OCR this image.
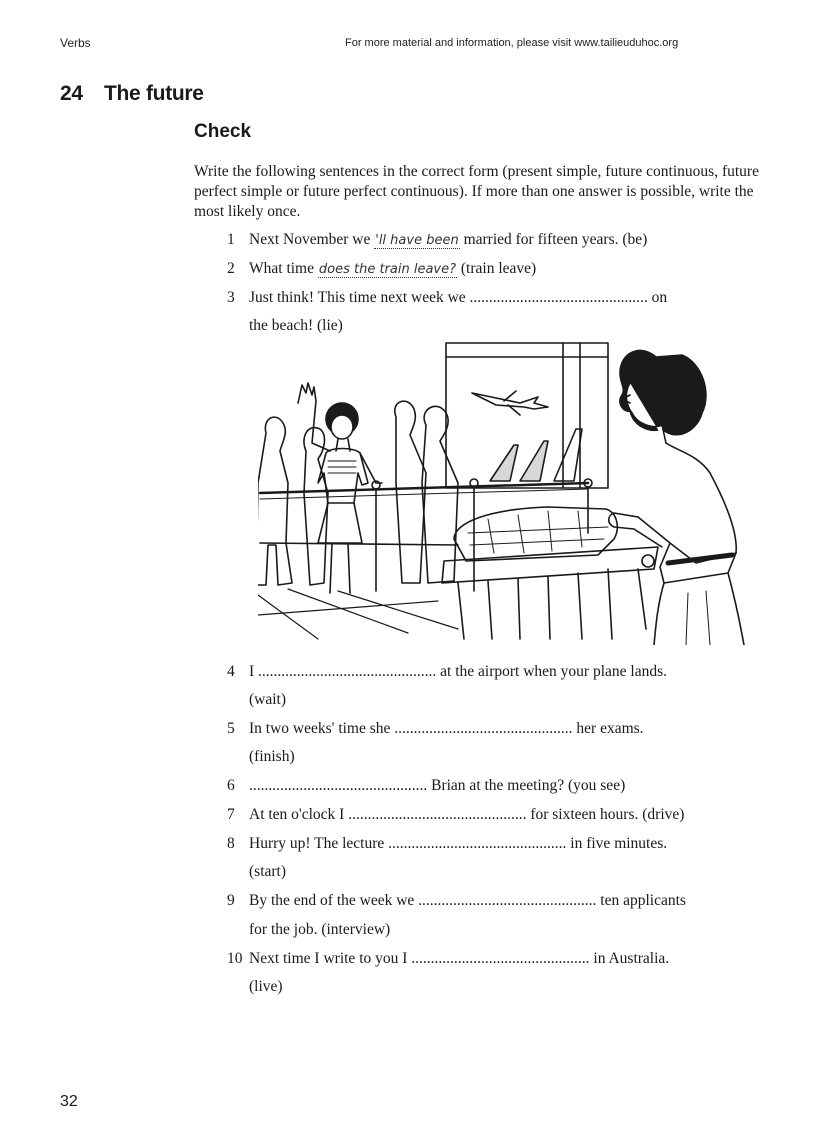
Verbs	For more material and information, please visit www.tailieuduhoc.org
24 The future
Check
Write the following sentences in the correct form (present simple, future continuous, future perfect simple or future perfect continuous). If more than one answer is possible, write the most likely once.
1 Next November we 'll have been married for fifteen years. (be)
2 What time does the train leave? (train leave)
3 Just think! This time next week we .............................................. on
the beach! (lie)
4 I .............................................. at the airport when your plane lands.
(wait)
5 In two weeks' time she .............................................. her exams.
(finish)
6 .............................................. Brian at the meeting? (you see)
7 At ten o'clock I .............................................. for sixteen hours. (drive)
8 Hurry up! The lecture .............................................. in five minutes.
(start)
9 By the end of the week we .............................................. ten applicants
for the job. (interview)
10 Next time I write to you I .............................................. in Australia.
(live)
32
